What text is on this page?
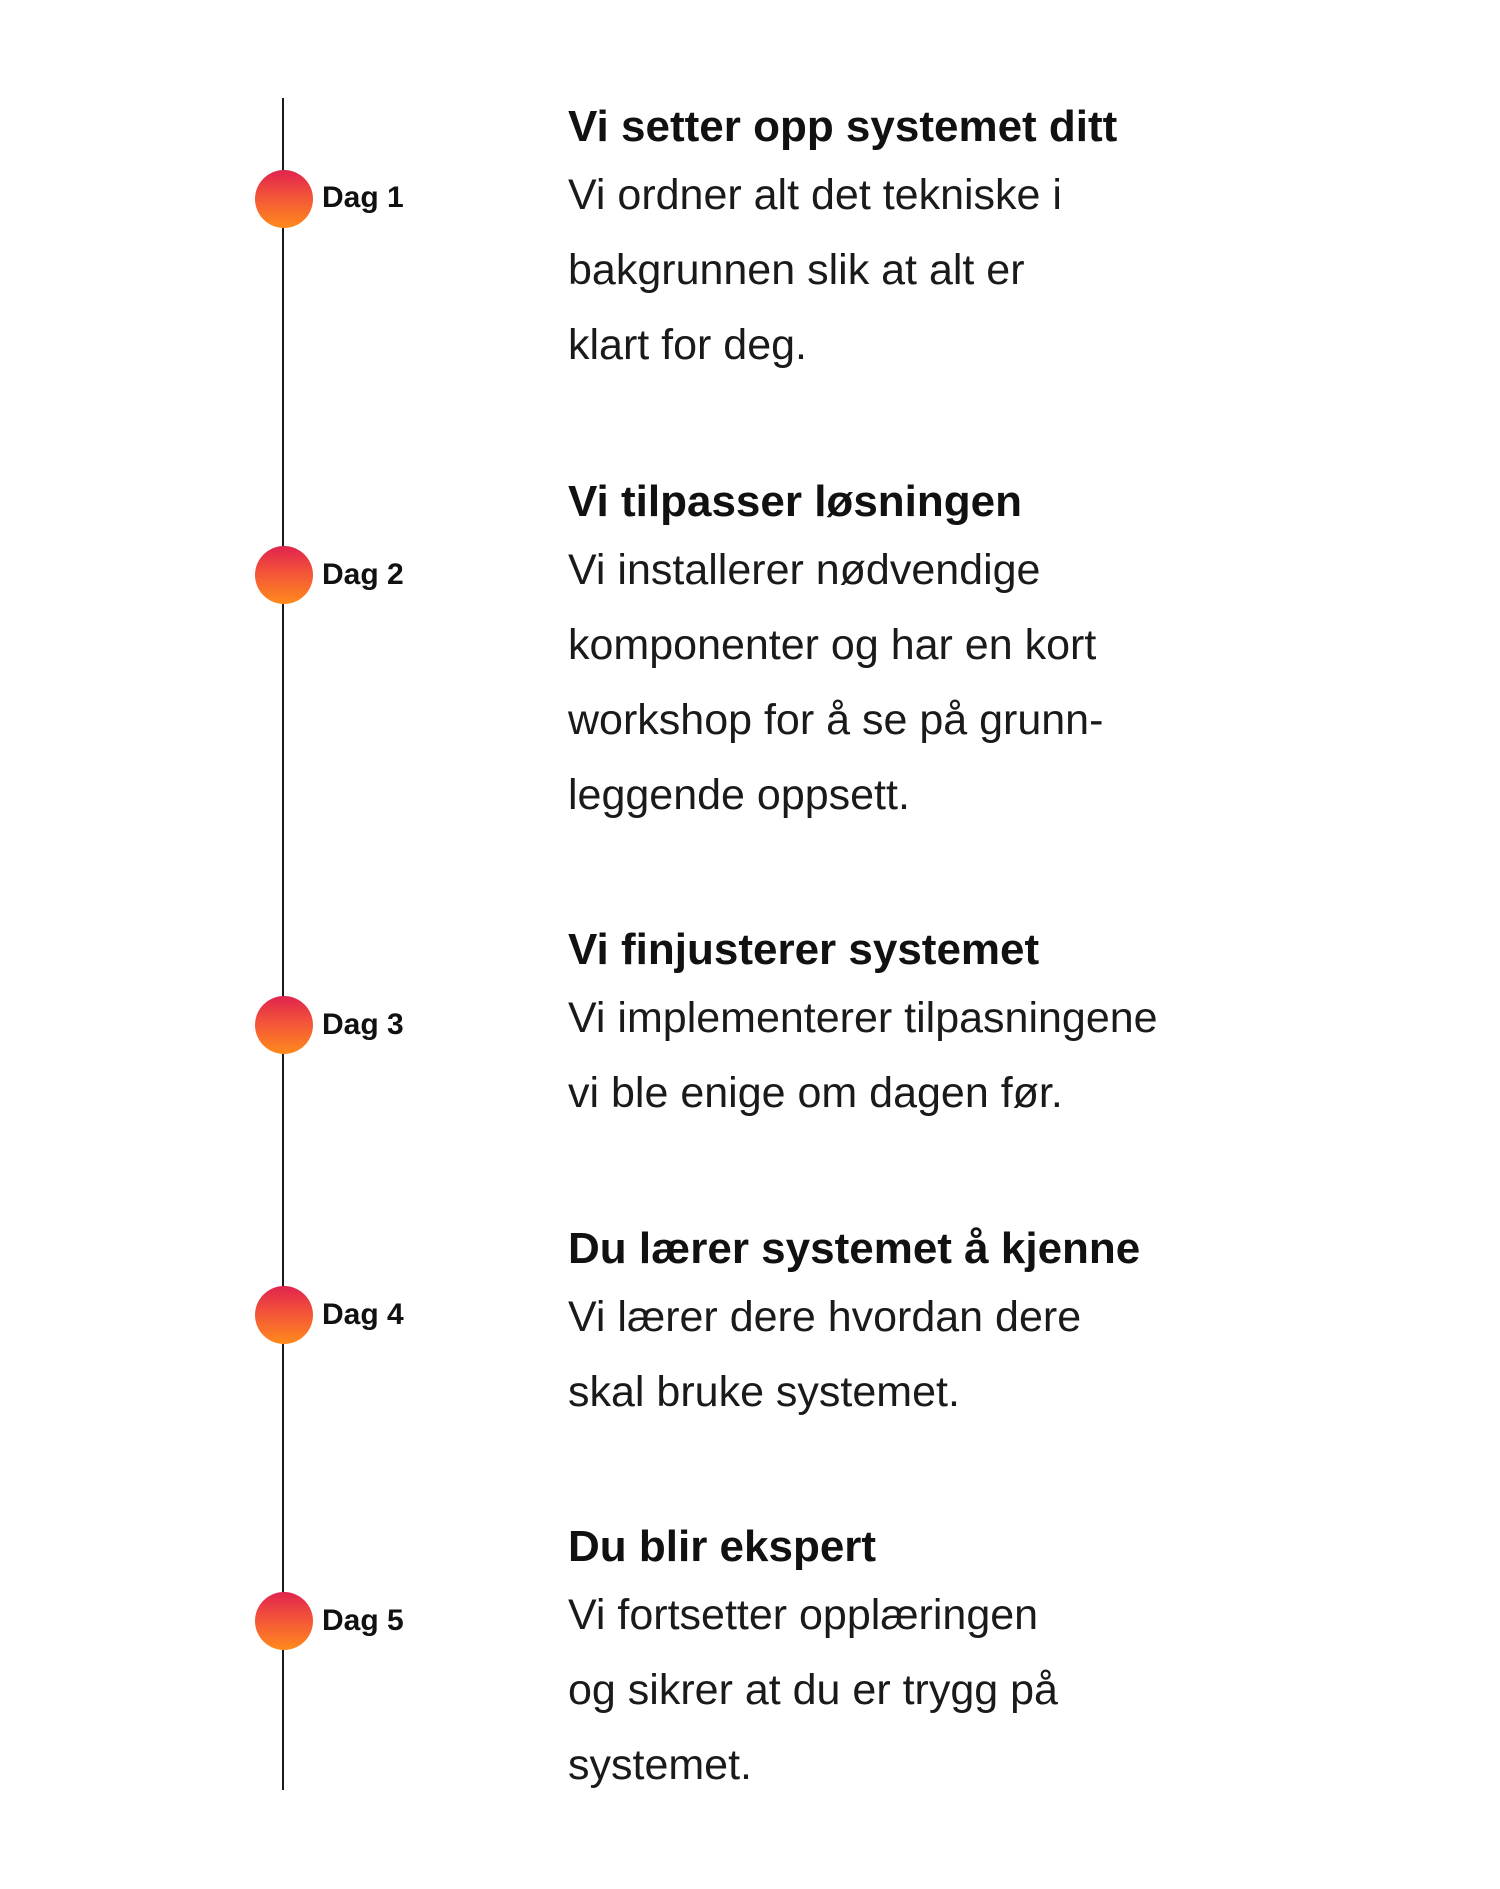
Dag 1
Vi setter opp systemet ditt
Vi ordner alt det tekniske i
bakgrunnen slik at alt er
klart for deg.
Dag 2
Vi tilpasser løsningen
Vi installerer nødvendige
komponenter og har en kort
workshop for å se på grunn-
leggende oppsett.
Dag 3
Vi finjusterer systemet
Vi implementerer tilpasningene
vi ble enige om dagen før.
Dag 4
Du lærer systemet å kjenne
Vi lærer dere hvordan dere
skal bruke systemet.
Dag 5
Du blir ekspert
Vi fortsetter opplæringen
og sikrer at du er trygg på
systemet.
